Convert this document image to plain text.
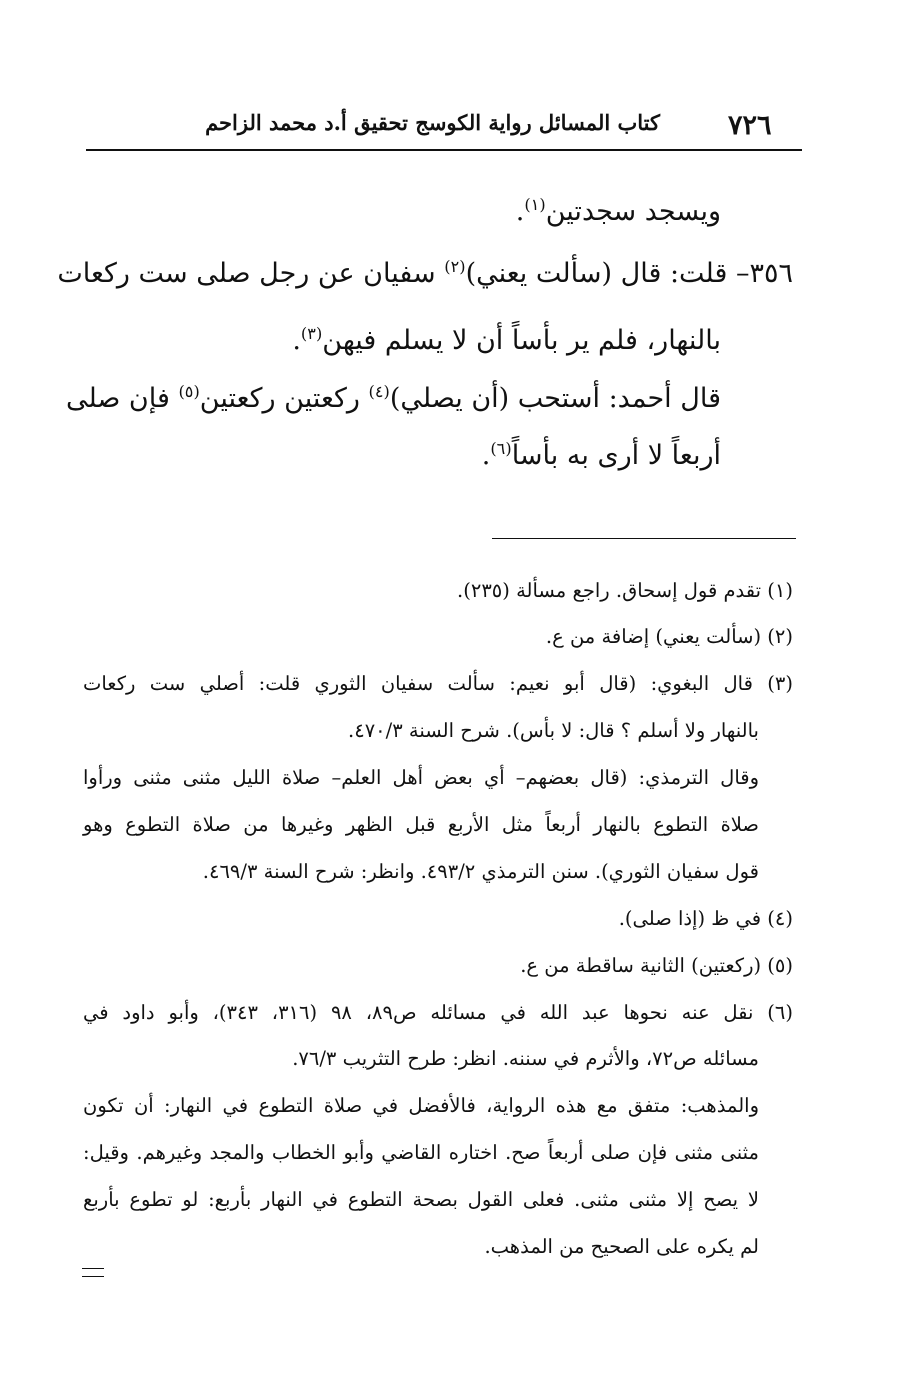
٧٢٦
كتاب المسائل رواية الكوسج تحقيق أ.د محمد الزاحم
ويسجد سجدتين$^{(١)}$.
٣٥٦– قلت: قال (سألت يعني)$^{(٢)}$ سفيان عن رجل صلى ست ركعات
بالنهار، فلم ير بأساً أن لا يسلم فيهن$^{(٣)}$.
قال أحمد: أستحب (أن يصلي)$^{(٤)}$ ركعتين ركعتين$^{(٥)}$ فإن صلى
أربعاً لا أرى به بأساً$^{(٦)}$.
(١) تقدم قول إسحاق. راجع مسألة (٢٣٥).
(٢) (سألت يعني) إضافة من ع.
(٣) قال البغوي: (قال أبو نعيم: سألت سفيان الثوري قلت: أصلي ست ركعات
بالنهار ولا أسلم ؟ قال: لا بأس). شرح السنة ٤٧٠/٣.
وقال الترمذي: (قال بعضهم– أي بعض أهل العلم– صلاة الليل مثنى مثنى ورأوا
صلاة التطوع بالنهار أربعاً مثل الأربع قبل الظهر وغيرها من صلاة التطوع وهو
قول سفيان الثوري). سنن الترمذي ٤٩٣/٢. وانظر: شرح السنة ٤٦٩/٣.
(٤) في ظ (إذا صلى).
(٥) (ركعتين) الثانية ساقطة من ع.
(٦) نقل عنه نحوها عبد الله في مسائله ص٨٩، ٩٨ (٣١٦، ٣٤٣)، وأبو داود في
مسائله ص٧٢، والأثرم في سننه. انظر: طرح التثريب ٧٦/٣.
والمذهب: متفق مع هذه الرواية، فالأفضل في صلاة التطوع في النهار: أن تكون
مثنى مثنى فإن صلى أربعاً صح. اختاره القاضي وأبو الخطاب والمجد وغيرهم. وقيل:
لا يصح إلا مثنى مثنى. فعلى القول بصحة التطوع في النهار بأربع: لو تطوع بأربع
لم يكره على الصحيح من المذهب.
